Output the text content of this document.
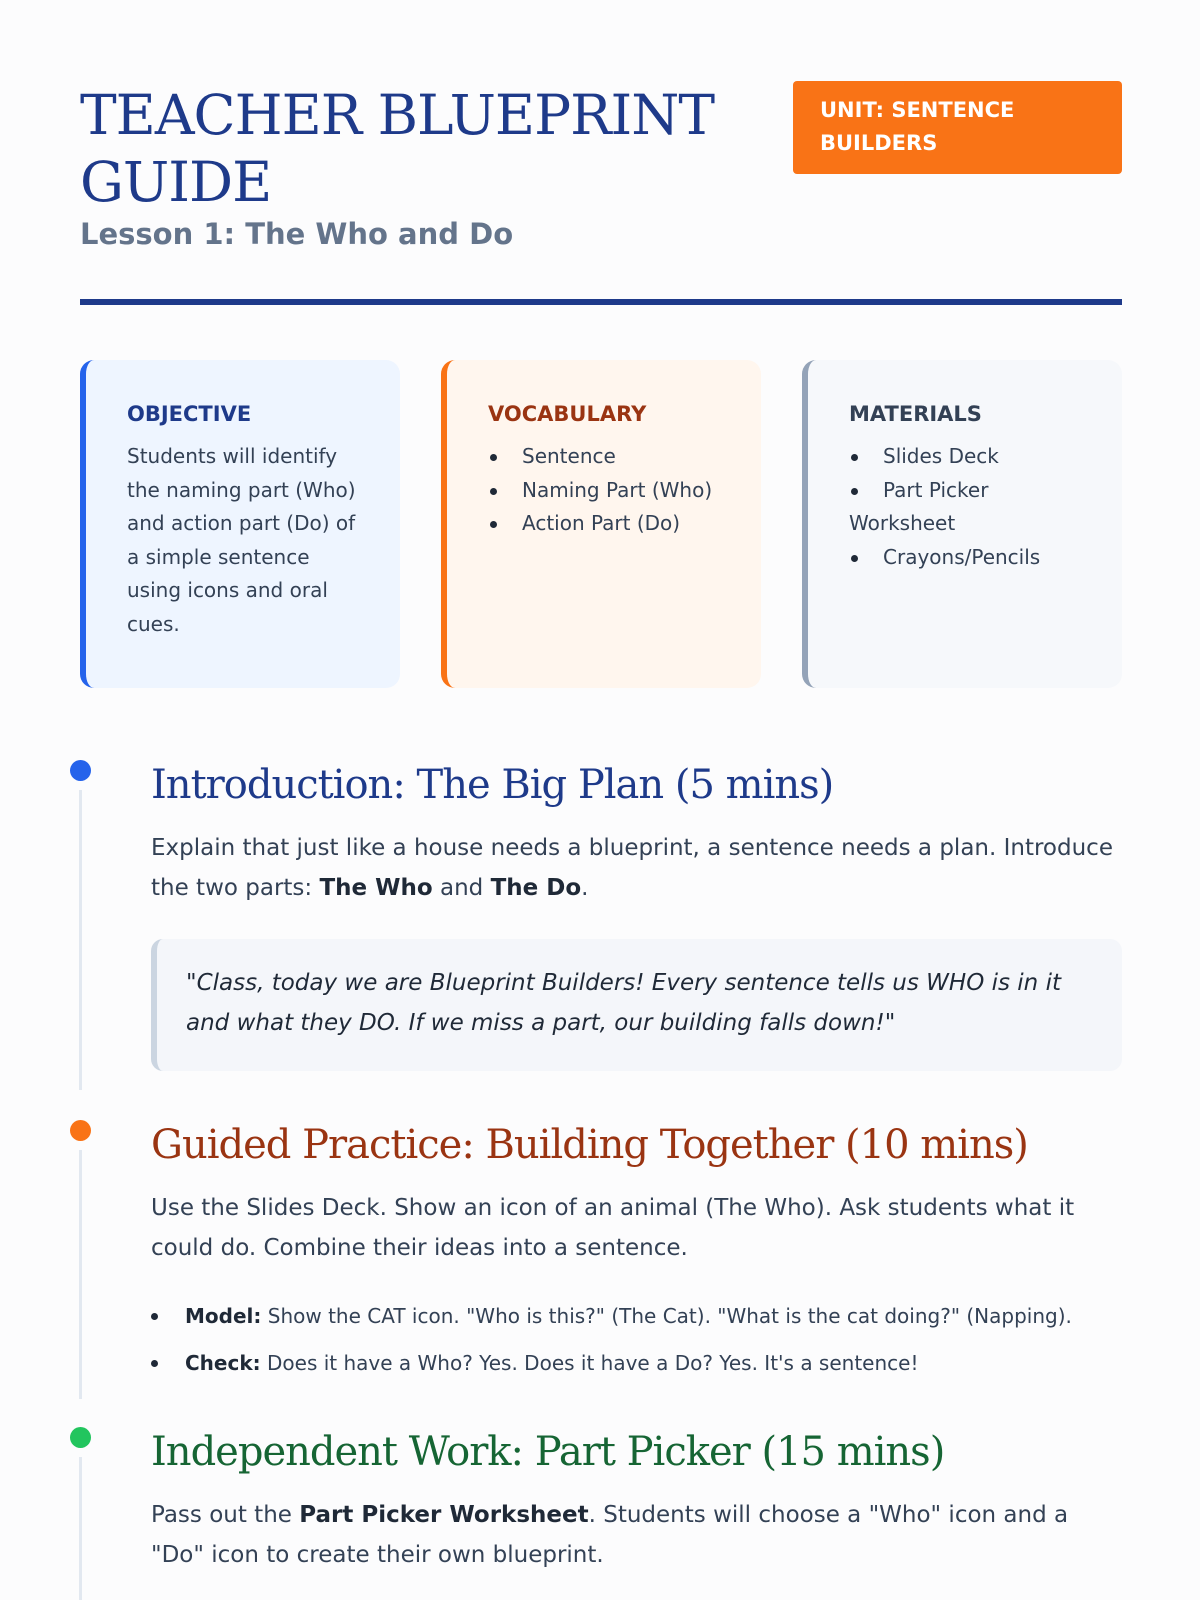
TEACHER BLUEPRINT GUIDE
UNIT: SENTENCE BUILDERS
Lesson 1: The Who and Do
OBJECTIVE

Students will identify the naming part (Who) and action part (Do) of a simple sentence using icons and oral cues.

VOCABULARY
Sentence
Naming Part (Who)
Action Part (Do)
MATERIALS
Slides Deck
Part Picker Worksheet
Crayons/Pencils
Introduction: The Big Plan (5 mins)

Explain that just like a house needs a blueprint, a sentence needs a plan. Introduce the two parts: The Who and The Do.

"Class, today we are Blueprint Builders! Every sentence tells us WHO is in it and what they DO. If we miss a part, our building falls down!"
Guided Practice: Building Together (10 mins)

Use the Slides Deck. Show an icon of an animal (The Who). Ask students what it could do. Combine their ideas into a sentence.

Model: Show the CAT icon. "Who is this?" (The Cat). "What is the cat doing?" (Napping).
Check: Does it have a Who? Yes. Does it have a Do? Yes. It's a sentence!
Independent Work: Part Picker (15 mins)

Pass out the Part Picker Worksheet. Students will choose a "Who" icon and a "Do" icon to create their own blueprint.
